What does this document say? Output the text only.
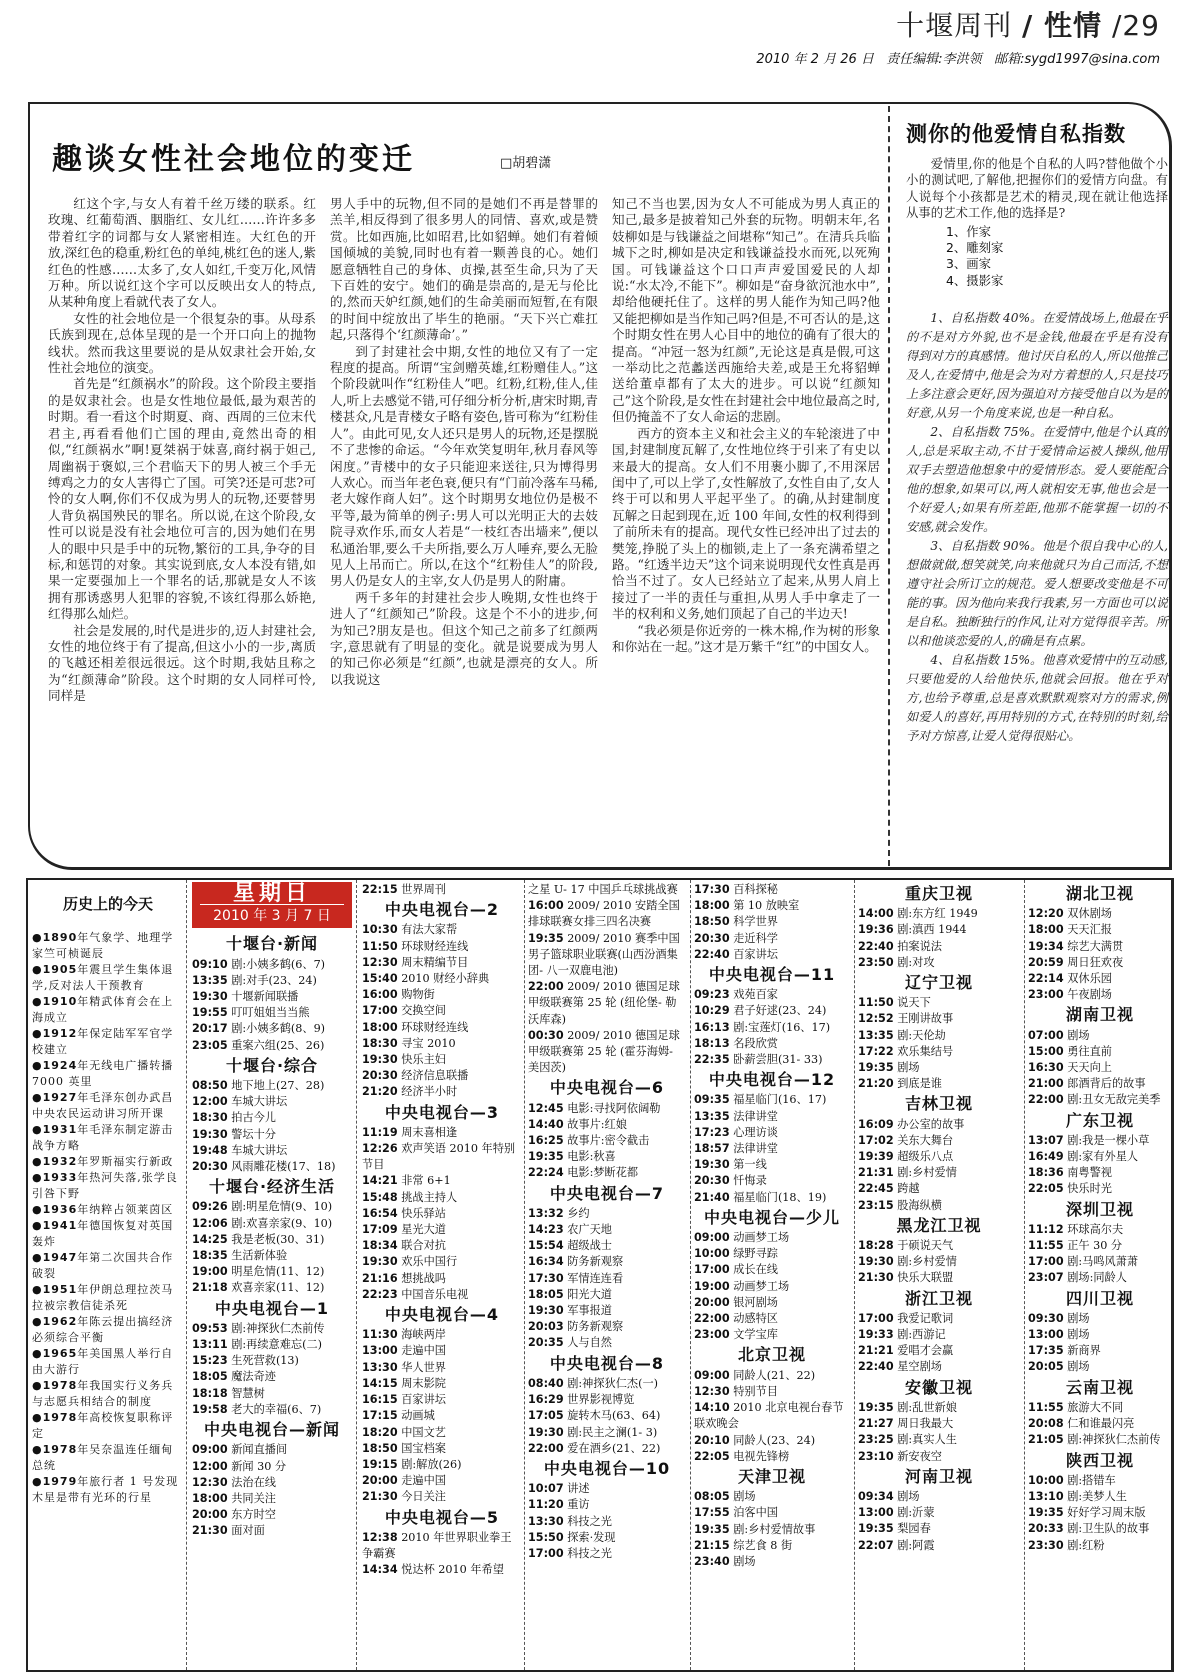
十堰周刊 / 性情 /29
2010 年 2 月 26 日 责任编辑:李洪领 邮箱:sygd1997@sina.com
趣谈女性社会地位的变迁	□胡碧潇

红这个字,与女人有着千丝万缕的联系。红玫瑰、红葡萄酒、胭脂红、女儿红……许许多多带着红字的词都与女人紧密相连。大红色的开放,深红色的稳重,粉红色的单纯,桃红色的迷人,紫红色的性感……太多了,女人如红,千变万化,风情万种。所以说红这个字可以反映出女人的特点,从某种角度上看就代表了女人。

女性的社会地位是一个很复杂的事。从母系氏族到现在,总体呈现的是一个开口向上的抛物线状。然而我这里要说的是从奴隶社会开始,女性社会地位的演变。

首先是“红颜祸水”的阶段。这个阶段主要指的是奴隶社会。也是女性地位最低,最为艰苦的时期。看一看这个时期夏、商、西周的三位末代君主,再看看他们亡国的理由,竟然出奇的相似,“红颜祸水”啊!夏桀祸于妹喜,商纣祸于妲己,周幽祸于褒姒,三个君临天下的男人被三个手无缚鸡之力的女人害得亡了国。可笑?还是可悲?可怜的女人啊,你们不仅成为男人的玩物,还要替男人背负祸国殃民的罪名。所以说,在这个阶段,女性可以说是没有社会地位可言的,因为她们在男人的眼中只是手中的玩物,繁衍的工具,争夺的目标,和惩罚的对象。其实说到底,女人本没有错,如果一定要强加上一个罪名的话,那就是女人不该拥有那诱惑男人犯罪的容貌,不该红得那么娇艳,红得那么灿烂。

社会是发展的,时代是进步的,迈人封建社会,女性的地位终于有了提高,但这小小的一步,离质的飞越还相差很远很远。这个时期,我姑且称之为“红颜薄命”阶段。这个时期的女人同样可怜,同样是

男人手中的玩物,但不同的是她们不再是替罪的羔羊,相反得到了很多男人的同情、喜欢,或是赞赏。比如西施,比如昭君,比如貂蝉。她们有着倾国倾城的美貌,同时也有着一颗善良的心。她们愿意牺牲自己的身体、贞操,甚至生命,只为了天下百姓的安宁。她们的确是崇高的,是无与伦比的,然而天妒红颜,她们的生命美丽而短暂,在有限的时间中绽放出了毕生的艳丽。“天下兴亡难扛起,只落得个‘红颜薄命’。”

到了封建社会中期,女性的地位又有了一定程度的提高。所谓“宝剑赠英雄,红粉赠佳人。”这个阶段就叫作“红粉佳人”吧。红粉,红粉,佳人,佳人,听上去感觉不错,可仔细分析分析,唐宋时期,青楼甚众,凡是青楼女子略有姿色,皆可称为“红粉佳人”。由此可见,女人还只是男人的玩物,还是摆脱不了悲惨的命运。“今年欢笑复明年,秋月春风等闲度。”青楼中的女子只能迎来送往,只为博得男人欢心。而当年老色衰,便只有“门前冷落车马稀,老大嫁作商人妇”。这个时期男女地位仍是极不平等,最为简单的例子:男人可以光明正大的去妓院寻欢作乐,而女人若是“一枝红杏出墙来”,便以私通治罪,要么千夫所指,要么万人唾弃,要么无脸见人上吊而亡。所以,在这个“红粉佳人”的阶段,男人仍是女人的主宰,女人仍是男人的附庸。

两千多年的封建社会步人晚期,女性也终于进人了“红颜知己”阶段。这是个不小的进步,何为知己?朋友是也。但这个知己之前多了红颜两字,意思就有了明显的变化。就是说要成为男人的知己你必须是“红颜”,也就是漂亮的女人。所以我说这

知己不当也罢,因为女人不可能成为男人真正的知己,最多是披着知己外套的玩物。明朝末年,名妓柳如是与钱谦益之间堪称“知己”。在清兵兵临城下之时,柳如是决定和钱谦益投水而死,以死殉国。可钱谦益这个口口声声爱国爱民的人却说:“水太冷,不能下”。柳如是“奋身欲沉池水中”,却给他硬托住了。这样的男人能作为知己吗?他又能把柳如是当作知己吗?但是,不可否认的是,这个时期女性在男人心目中的地位的确有了很大的提高。“冲冠一怒为红颜”,无论这是真是假,可这一举动比之范蠡送西施给夫差,或是王允将貂蝉送给董卓都有了太大的进步。可以说“红颜知己”这个阶段,是女性在封建社会中地位最高之时,但仍掩盖不了女人命运的悲剧。

西方的资本主义和社会主义的车轮滚进了中国,封建制度瓦解了,女性地位终于引来了有史以来最大的提高。女人们不用裹小脚了,不用深居闺中了,可以上学了,女性解放了,女性自由了,女人终于可以和男人平起平坐了。的确,从封建制度瓦解之日起到现在,近 100 年间,女性的权利得到了前所未有的提高。现代女性已经冲出了过去的樊笼,挣脱了头上的枷锁,走上了一条充满希望之路。“红透半边天”这个词来说明现代女性真是再恰当不过了。女人已经站立了起来,从男人肩上接过了一半的责任与重担,从男人手中拿走了一半的权利和义务,她们顶起了自己的半边天!

“我必须是你近旁的一株木棉,作为树的形象和你站在一起。”这才是万紫千“红”的中国女人。

测你的他爱情自私指数

爱情里,你的他是个自私的人吗?替他做个小小的测试吧,了解他,把握你们的爱情方向盘。有人说每个小孩都是艺术的精灵,现在就让他选择从事的艺术工作,他的选择是?

1、作家
2、雕刻家
3、画家
4、摄影家

1、自私指数 40%。在爱情战场上,他最在乎的不是对方外貌,也不是金钱,他最在乎是有没有得到对方的真感情。他讨厌自私的人,所以他推己及人,在爱情中,他是会为对方着想的人,只是技巧上多注意会更好,因为强迫对方接受他自以为是的好意,从另一个角度来说,也是一种自私。

2、自私指数 75%。在爱情中,他是个认真的人,总是采取主动,不甘于爱情命运被人操纵,他用双手去塑造他想象中的爱情形态。爱人要能配合他的想象,如果可以,两人就相安无事,他也会是一个好爱人;如果有所差距,他那不能掌握一切的不安感,就会发作。

3、自私指数 90%。他是个很自我中心的人,想做就做,想笑就笑,向来他就只为自己而活,不想遵守社会所订立的规范。爱人想要改变他是不可能的事。因为他向来我行我素,另一方面也可以说是自私。独断独行的作风,让对方觉得很辛苦。所以和他谈恋爱的人,的确是有点累。

4、自私指数 15%。他喜欢爱情中的互动感,只要他爱的人给他快乐,他就会回报。他在乎对方,也给予尊重,总是喜欢默默观察对方的需求,例如爱人的喜好,再用特别的方式,在特别的时刻,给予对方惊喜,让爱人觉得很贴心。

历史上的今天
●1890年气象学、地理学家竺可桢诞辰
●1905年震旦学生集体退学,反对法人干预教育
●1910年精武体育会在上海成立
●1912年保定陆军军官学校建立
●1924年无线电广播转播7000 英里
●1927年毛泽东创办武昌中央农民运动讲习所开课
●1931年毛泽东制定游击战争方略
●1932年罗斯福实行新政
●1933年热河失落,张学良引咎下野
●1936年纳粹占领莱茵区
●1941年德国恢复对英国轰炸
●1947年第二次国共合作破裂
●1951年伊朗总理拉茨马拉被宗教信徒杀死
●1962年陈云提出搞经济必须综合平衡
●1965年美国黑人举行自由大游行
●1978年我国实行义务兵与志愿兵相结合的制度
●1978年高校恢复职称评定
●1978年吴奈温连任缅甸总统
●1979年旅行者 1 号发现木星是带有光环的行星
星期日
2010 年 3 月 7 日
十堰台·新闻
09:10 剧:小姨多鹤(6、7)
13:35 剧:对手(23、24)
19:30 十堰新闻联播
19:55 叮叮姐姐当当熊
20:17 剧:小姨多鹤(8、9)
23:05 重案六组(25、26)
十堰台·综合
08:50 地下地上(27、28)
12:00 车城大讲坛
18:30 拍古今儿
19:30 警坛十分
19:48 车城大讲坛
20:30 风雨雕花楼(17、18)
十堰台·经济生活
09:26 剧:明星危情(9、10)
12:06 剧:欢喜亲家(9、10)
14:25 我是老板(30、31)
18:35 生活新体验
19:00 明星危情(11、12)
21:18 欢喜亲家(11、12)
中央电视台—1
09:53 剧:神探狄仁杰前传
13:11 剧:再续意难忘(二)
15:23 生死营救(13)
18:05 魔法奇迹
18:18 智慧树
19:58 老大的幸福(6、7)
中央电视台—新闻
09:00 新闻直播间
12:00 新闻 30 分
12:30 法治在线
18:00 共同关注
20:00 东方时空
21:30 面对面
22:15 世界周刊
中央电视台—2
10:30 有法大家帮
11:50 环球财经连线
12:30 周末精编节目
15:40 2010 财经小辞典
16:00 购物街
17:00 交换空间
18:00 环球财经连线
18:30 寻宝 2010
19:30 快乐主妇
20:30 经济信息联播
21:20 经济半小时
中央电视台—3
11:19 周末喜相逢
12:26 欢声笑语 2010 年特别节目
14:21 非常 6+1
15:48 挑战主持人
16:54 快乐驿站
17:09 星光大道
18:34 联合对抗
19:30 欢乐中国行
21:16 想挑战吗
22:23 中国音乐电视
中央电视台—4
11:30 海峡两岸
13:00 走遍中国
13:30 华人世界
14:15 周末影院
16:15 百家讲坛
17:15 动画城
18:20 中国文艺
18:50 国宝档案
19:15 剧:解放(26)
20:00 走遍中国
21:30 今日关注
中央电视台—5
12:38 2010 年世界职业拳王争霸赛
14:34 悦达杯 2010 年希望
之星 U- 17 中国乒乓球挑战赛
16:00 2009/ 2010 安踏全国排球联赛女排三四名决赛
19:35 2009/ 2010 赛季中国男子篮球职业联赛(山西汾酒集团- 八一双鹿电池)
22:00 2009/ 2010 德国足球甲级联赛第 25 轮 (纽伦堡- 勒沃库森)
00:30 2009/ 2010 德国足球甲级联赛第 25 轮 (霍芬海姆- 美因茨)
中央电视台—6
12:45 电影:寻找阿依阔勒
14:40 故事片:红娘
16:25 故事片:密令截击
19:35 电影:秋喜
22:24 电影:梦断花都
中央电视台—7
13:32 乡约
14:23 农广天地
15:54 超级战士
16:34 防务新观察
17:30 军情连连看
18:05 阳光大道
19:30 军事报道
20:03 防务新观察
20:35 人与自然
中央电视台—8
08:40 剧:神探狄仁杰(一)
16:29 世界影视博览
17:05 旋转木马(63、64)
19:30 剧:民主之澜(1- 3)
22:00 爱在酒乡(21、22)
中央电视台—10
10:07 讲述
11:20 重访
13:30 科技之光
15:50 探索·发现
17:00 科技之光
17:30 百科探秘
18:00 第 10 放映室
18:50 科学世界
20:30 走近科学
22:40 百家讲坛
中央电视台—11
09:23 戏苑百家
10:29 君子好逑(23、24)
16:13 剧:宝莲灯(16、17)
18:13 名段欣赏
22:35 卧薪尝胆(31- 33)
中央电视台—12
09:35 福星临门(16、17)
13:35 法律讲堂
17:23 心理访谈
18:57 法律讲堂
19:30 第一线
20:30 忏悔录
21:40 福星临门(18、19)
中央电视台—少儿
09:00 动画梦工场
10:00 绿野寻踪
17:00 成长在线
19:00 动画梦工场
20:00 银河剧场
22:00 动感特区
23:00 文学宝库
北京卫视
09:00 同龄人(21、22)
12:30 特别节目
14:10 2010 北京电视台春节联欢晚会
20:10 同龄人(23、24)
22:05 电视先锋榜
天津卫视
08:05 剧场
17:55 泊客中国
19:35 剧:乡村爱情故事
21:15 综艺食 8 街
23:40 剧场
重庆卫视
14:00 剧:东方红 1949
19:36 剧:滇西 1944
22:40 拍案说法
23:50 剧:对攻
辽宁卫视
11:50 说天下
12:52 王刚讲故事
13:35 剧:天伦劫
17:22 欢乐集结号
19:35 剧场
21:20 到底是谁
吉林卫视
16:09 办公室的故事
17:02 关东大舞台
19:39 超级乐八点
21:31 剧:乡村爱情
22:45 跨越
23:15 股海纵横
黑龙江卫视
18:28 于硕说天气
19:30 剧:乡村爱情
21:30 快乐大联盟
浙江卫视
17:00 我爱记歌词
19:33 剧:西游记
21:21 爱唱才会赢
22:40 星空剧场
安徽卫视
19:35 剧:乱世新娘
21:27 周日我最大
23:25 剧:真实人生
23:10 新安夜空
河南卫视
09:34 剧场
13:00 剧:沂蒙
19:35 梨园春
22:07 剧:阿霞
湖北卫视
12:20 双休剧场
18:00 天天汇报
19:34 综艺大满贯
20:59 周日狂欢夜
22:14 双休乐园
23:00 午夜剧场
湖南卫视
07:00 剧场
15:00 勇往直前
16:30 天天向上
21:00 郎酒背后的故事
22:00 剧:丑女无敌完美季
广东卫视
13:07 剧:我是一棵小草
16:49 剧:家有外星人
18:36 南粤警视
22:05 快乐时光
深圳卫视
11:12 环球高尔夫
11:55 正午 30 分
17:00 剧:马鸣风萧萧
23:07 剧场:同龄人
四川卫视
09:30 剧场
13:00 剧场
17:35 新商界
20:05 剧场
云南卫视
11:55 旅游大不同
20:08 仁和谁最闪亮
21:05 剧:神探狄仁杰前传
陕西卫视
10:00 剧:搭错车
13:10 剧:美梦人生
19:35 好好学习周末版
20:33 剧:卫生队的故事
23:30 剧:红粉
